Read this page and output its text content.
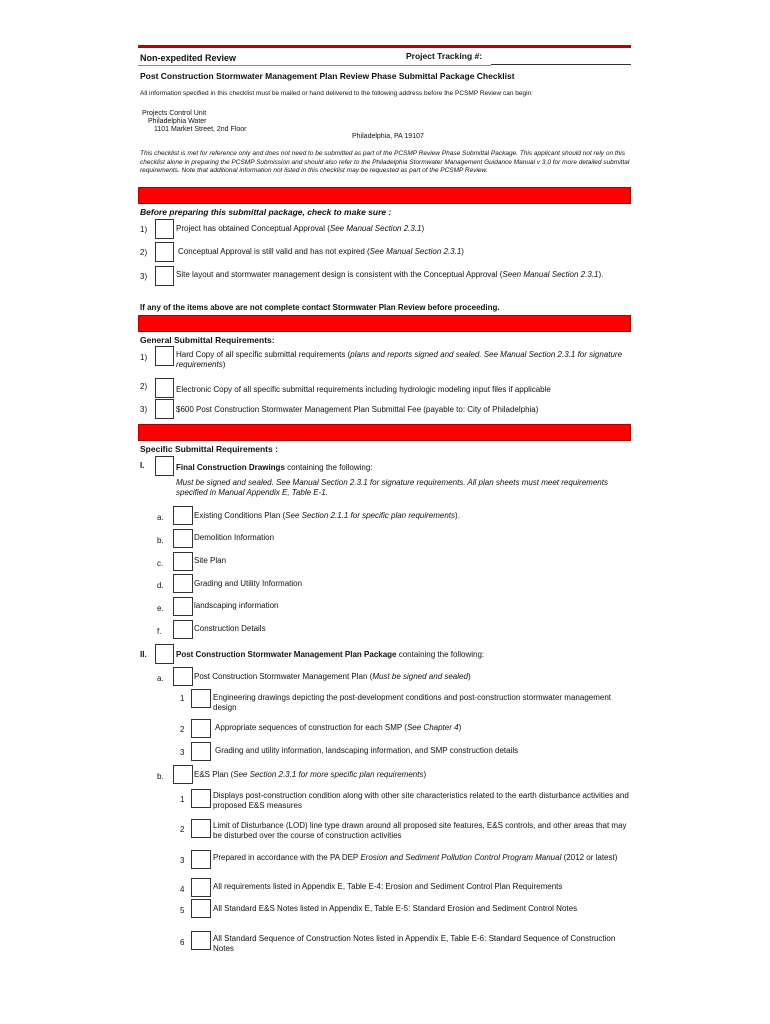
Non-expedited Review	Project Tracking #:
Post Construction Stormwater Management Plan Review Phase Submittal Package Checklist
All information specified in this checklist must be mailed or hand delivered to the following address before the PCSMP Review can begin:
Projects Control Unit
Philadelphia Water
1101 Market Street, 2nd Floor
Philadelphia, PA 19107
This checklist is met for reference only and does not need to be submitted as part of the PCSMP Review Phase Submittal Package. This applicant should not rely on this checklist alone in preparing the PCSMP Submission and should also refer to the Philadelphia Stormwater Management Guidance Manual v 3.0 for more detailed submittal requirements. Note that additional information not listed in this checklist may be requested as part of the PCSMP Review.
Before preparing this submittal package, check to make sure :
1)	Project has obtained Conceptual Approval (See Manual Section 2.3.1)
2)	Conceptual Approval is still valid and has not expired (See Manual Section 2.3.1)
3)	Site layout and stormwater management design is consistent with the Conceptual Approval (Seen Manual Section 2.3.1).
If any of the items above are not complete contact Stormwater Plan Review before proceeding.
General Submittal Requirements:
1)	Hard Copy of all specific submittal requirements (plans and reports signed and sealed. See Manual Section 2.3.1 for signature requirements)
2)	Electronic Copy of all specific submittal requirements including hydrologic modeling input files if applicable
3)	$600 Post Construction Stormwater Management Plan Submittal Fee (payable to: City of Philadelphia)
Specific Submittal Requirements :
I.	Final Construction Drawings containing the following:
Must be signed and sealed. See Manual Section 2.3.1 for signature requirements. All plan sheets must meet requirements specified in Manual Appendix E, Table E-1.
a.	Existing Conditions Plan (See Section 2.1.1 for specific plan requirements).
b.	Demolition Information
c.	Site Plan
d.	Grading and Utility Information
e.	landscaping information
f.	Construction Details
II.	Post Construction Stormwater Management Plan Package containing the following:
a.	Post Construction Stormwater Management Plan (Must be signed and sealed)
1	Engineering drawings depicting the post-development conditions and post-construction stormwater management design
2	Appropriate sequences of construction for each SMP (See Chapter 4)
3	Grading and utility information, landscaping information, and SMP construction details
b.	E&S Plan (See Section 2.3.1 for more specific plan requirements)
1	Displays post-construction condition along with other site characteristics related to the earth disturbance activities and proposed E&S measures
2	Limit of Disturbance (LOD) line type drawn around all proposed site features, E&S controls, and other areas that may be disturbed over the course of construction activities
3	Prepared in accordance with the PA DEP Erosion and Sediment Pollution Control Program Manual (2012 or latest)
4	All requirements listed in Appendix E, Table E-4: Erosion and Sediment Control Plan Requirements
5	All Standard E&S Notes listed in Appendix E, Table E-5: Standard Erosion and Sediment Control Notes
6	All Standard Sequence of Construction Notes listed in Appendix E, Table E-6: Standard Sequence of Construction Notes
